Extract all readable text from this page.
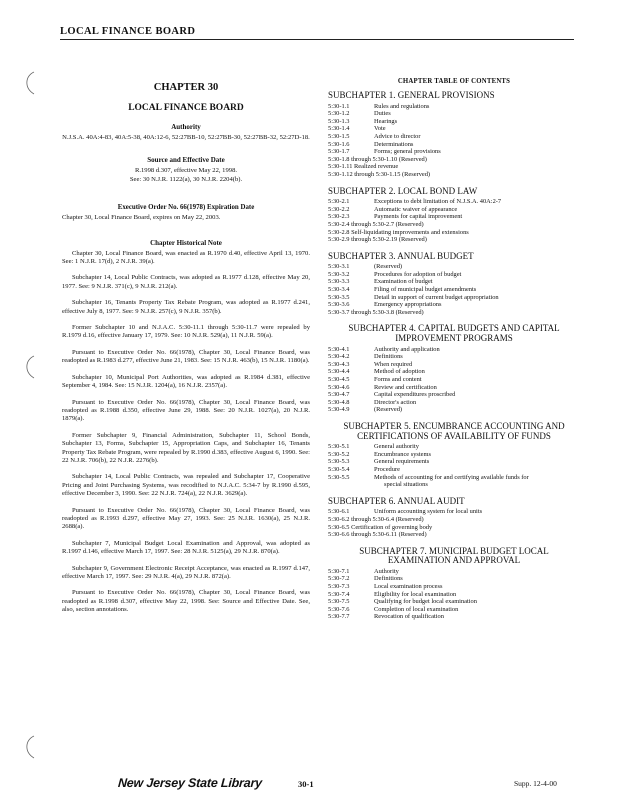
LOCAL FINANCE BOARD
CHAPTER 30
LOCAL FINANCE BOARD
Authority
N.J.S.A. 40A:4-83, 40A:5-38, 40A:12-6, 52:27BB-10, 52:27BB-30, 52:27BB-32, 52:27D-18.
Source and Effective Date
R.1998 d.307, effective May 22, 1998.
See: 30 N.J.R. 1122(a), 30 N.J.R. 2204(b).
Executive Order No. 66(1978) Expiration Date
Chapter 30, Local Finance Board, expires on May 22, 2003.
Chapter Historical Note

Chapter 30, Local Finance Board, was enacted as R.1970 d.40, effective April 13, 1970. See: 1 N.J.R. 17(d), 2 N.J.R. 39(a).

Subchapter 14, Local Public Contracts, was adopted as R.1977 d.128, effective May 20, 1977. See: 9 N.J.R. 371(c), 9 N.J.R. 212(a).

Subchapter 16, Tenants Property Tax Rebate Program, was adopted as R.1977 d.241, effective July 8, 1977. See: 9 N.J.R. 257(c), 9 N.J.R. 357(b).

Former Subchapter 10 and N.J.A.C. 5:30-11.1 through 5:30-11.7 were repealed by R.1979 d.16, effective January 17, 1979. See: 10 N.J.R. 529(a), 11 N.J.R. 59(a).

Pursuant to Executive Order No. 66(1978), Chapter 30, Local Finance Board, was readopted as R.1983 d.277, effective June 21, 1983. See: 15 N.J.R. 463(b), 15 N.J.R. 1180(a).

Subchapter 10, Municipal Port Authorities, was adopted as R.1984 d.381, effective September 4, 1984. See: 15 N.J.R. 1204(a), 16 N.J.R. 2357(a).

Pursuant to Executive Order No. 66(1978), Chapter 30, Local Finance Board, was readopted as R.1988 d.350, effective June 29, 1988. See: 20 N.J.R. 1027(a), 20 N.J.R. 1879(a).

Former Subchapter 9, Financial Administration, Subchapter 11, School Bonds, Subchapter 13, Forms, Subchapter 15, Appropriation Caps, and Subchapter 16, Tenants Property Tax Rebate Program, were repealed by R.1990 d.383, effective August 6, 1990. See: 22 N.J.R. 706(b), 22 N.J.R. 2276(b).

Subchapter 14, Local Public Contracts, was repealed and Subchapter 17, Cooperative Pricing and Joint Purchasing Systems, was recodified to N.J.A.C. 5:34-7 by R.1990 d.595, effective December 3, 1990. See: 22 N.J.R. 724(a), 22 N.J.R. 3629(a).

Pursuant to Executive Order No. 66(1978), Chapter 30, Local Finance Board, was readopted as R.1993 d.297, effective May 27, 1993. See: 25 N.J.R. 1630(a), 25 N.J.R. 2688(a).

Subchapter 7, Municipal Budget Local Examination and Approval, was adopted as R.1997 d.146, effective March 17, 1997. See: 28 N.J.R. 5125(a), 29 N.J.R. 870(a).

Subchapter 9, Government Electronic Receipt Acceptance, was enacted as R.1997 d.147, effective March 17, 1997. See: 29 N.J.R. 4(a), 29 N.J.R. 872(a).

Pursuant to Executive Order No. 66(1978), Chapter 30, Local Finance Board, was readopted as R.1998 d.307, effective May 22, 1998. See: Source and Effective Date. See, also, section annotations.

CHAPTER TABLE OF CONTENTS
SUBCHAPTER 1. GENERAL PROVISIONS
5:30-1.1	Rules and regulations
5:30-1.2	Duties
5:30-1.3	Hearings
5:30-1.4	Vote
5:30-1.5	Advice to director
5:30-1.6	Determinations
5:30-1.7	Forms; general provisions
5:30-1.8 through 5:30-1.10 (Reserved)
5:30-1.11 Realized revenue
5:30-1.12 through 5:30-1.15 (Reserved)
SUBCHAPTER 2. LOCAL BOND LAW
5:30-2.1	Exceptions to debt limitation of N.J.S.A. 40A:2-7
5:30-2.2	Automatic waiver of appearance
5:30-2.3	Payments for capital improvement
5:30-2.4 through 5:30-2.7 (Reserved)
5:30-2.8 Self-liquidating improvements and extensions
5:30-2.9 through 5:30-2.19 (Reserved)
SUBCHAPTER 3. ANNUAL BUDGET
5:30-3.1	(Reserved)
5:30-3.2	Procedures for adoption of budget
5:30-3.3	Examination of budget
5:30-3.4	Filing of municipal budget amendments
5:30-3.5	Detail in support of current budget appropriation
5:30-3.6	Emergency appropriations
5:30-3.7 through 5:30-3.8 (Reserved)
SUBCHAPTER 4. CAPITAL BUDGETS AND CAPITAL
IMPROVEMENT PROGRAMS
5:30-4.1	Authority and application
5:30-4.2	Definitions
5:30-4.3	When required
5:30-4.4	Method of adoption
5:30-4.5	Forms and content
5:30-4.6	Review and certification
5:30-4.7	Capital expenditures proscribed
5:30-4.8	Director's action
5:30-4.9	(Reserved)
SUBCHAPTER 5. ENCUMBRANCE ACCOUNTING AND
CERTIFICATIONS OF AVAILABILITY OF FUNDS
5:30-5.1	General authority
5:30-5.2	Encumbrance systems
5:30-5.3	General requirements
5:30-5.4	Procedure
5:30-5.5	Methods of accounting for and certifying available funds for
special situations
SUBCHAPTER 6. ANNUAL AUDIT
5:30-6.1	Uniform accounting system for local units
5:30-6.2 through 5:30-6.4 (Reserved)
5:30-6.5 Certification of governing body
5:30-6.6 through 5:30-6.11 (Reserved)
SUBCHAPTER 7. MUNICIPAL BUDGET LOCAL
EXAMINATION AND APPROVAL
5:30-7.1	Authority
5:30-7.2	Definitions
5:30-7.3	Local examination process
5:30-7.4	Eligibility for local examination
5:30-7.5	Qualifying for budget local examination
5:30-7.6	Completion of local examination
5:30-7.7	Revocation of qualification
New Jersey State Library	30-1	Supp. 12-4-00
